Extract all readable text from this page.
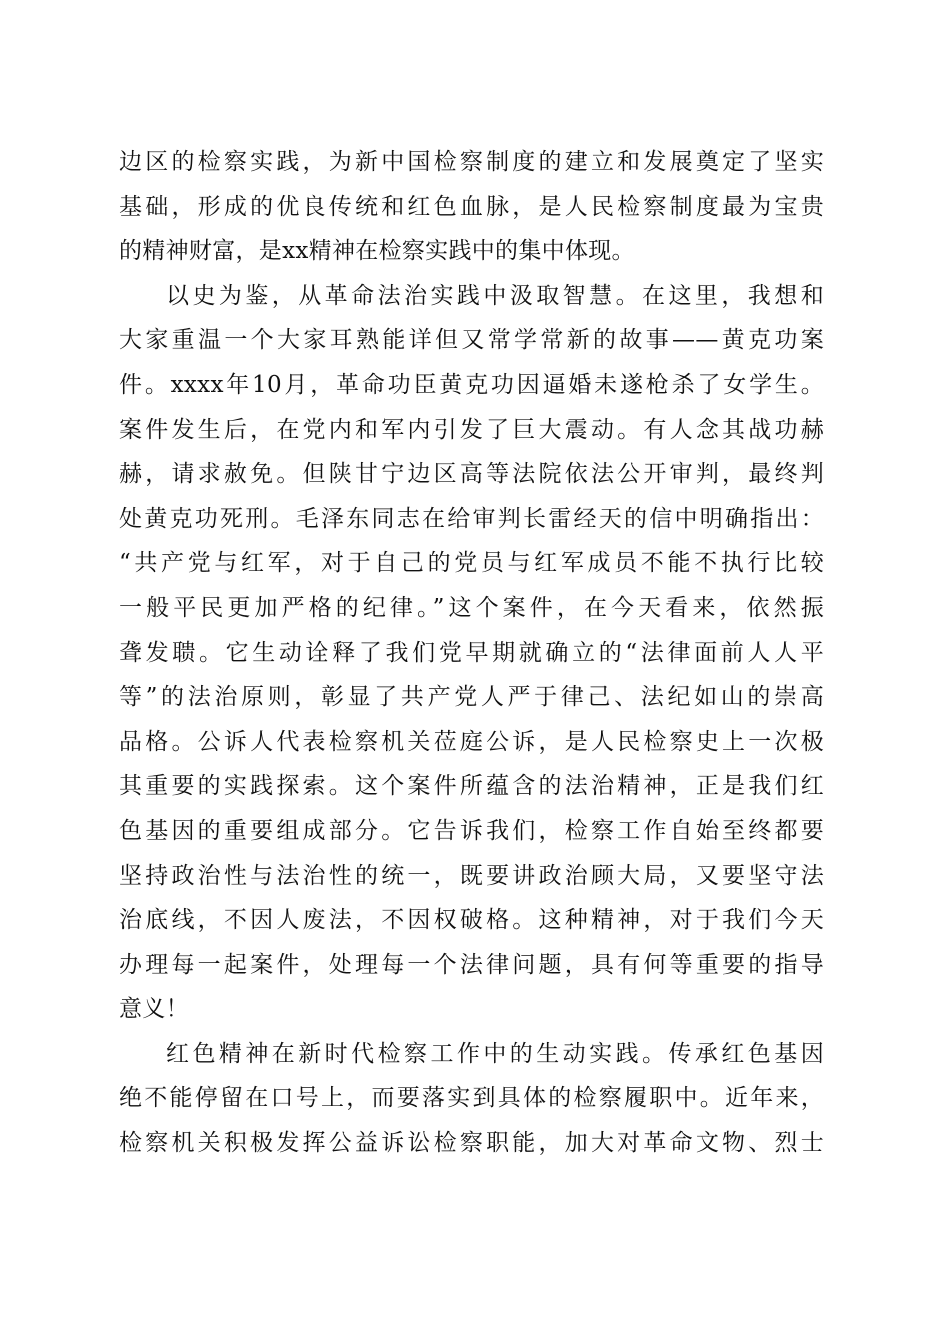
边区的检察实践，为新中国检察制度的建立和发展奠定了坚实
基础，形成的优良传统和红色血脉，是人民检察制度最为宝贵
的精神财富，是xx精神在检察实践中的集中体现。
以史为鉴，从革命法治实践中汲取智慧。在这里，我想和
大家重温一个大家耳熟能详但又常学常新的故事——黄克功案
件。xxxx年10月，革命功臣黄克功因逼婚未遂枪杀了女学生。
案件发生后，在党内和军内引发了巨大震动。有人念其战功赫
赫，请求赦免。但陕甘宁边区高等法院依法公开审判，最终判
处黄克功死刑。毛泽东同志在给审判长雷经天的信中明确指出：
“共产党与红军，对于自己的党员与红军成员不能不执行比较
一般平民更加严格的纪律。”这个案件，在今天看来，依然振
聋发聩。它生动诠释了我们党早期就确立的“法律面前人人平
等”的法治原则，彰显了共产党人严于律己、法纪如山的崇高
品格。公诉人代表检察机关莅庭公诉，是人民检察史上一次极
其重要的实践探索。这个案件所蕴含的法治精神，正是我们红
色基因的重要组成部分。它告诉我们，检察工作自始至终都要
坚持政治性与法治性的统一，既要讲政治顾大局，又要坚守法
治底线，不因人废法，不因权破格。这种精神，对于我们今天
办理每一起案件，处理每一个法律问题，具有何等重要的指导
意义！
红色精神在新时代检察工作中的生动实践。传承红色基因
绝不能停留在口号上，而要落实到具体的检察履职中。近年来，
检察机关积极发挥公益诉讼检察职能，加大对革命文物、烈士
